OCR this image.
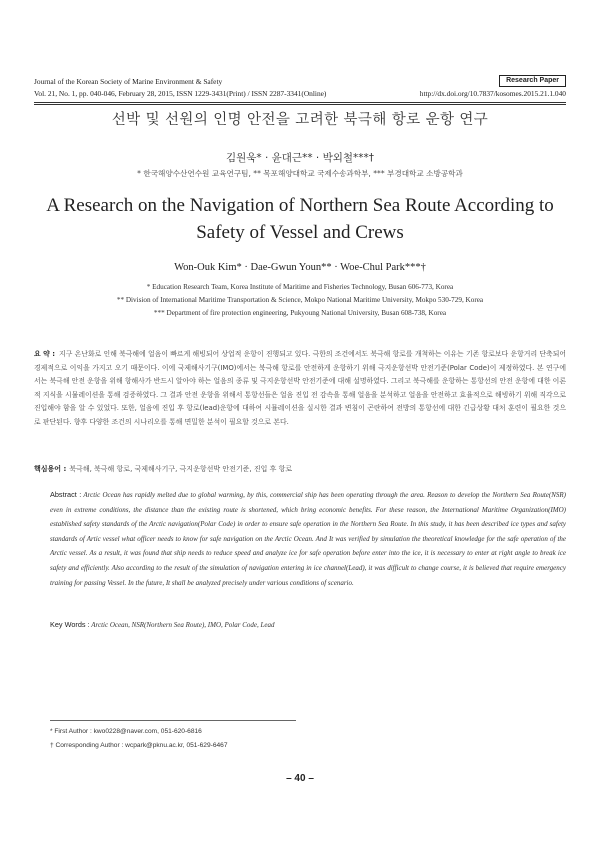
Journal of the Korean Society of Marine Environment & Safety
Vol. 21, No. 1, pp. 040-046, February 28, 2015, ISSN 1229-3431(Print) / ISSN 2287-3341(Online)	http://dx.doi.org/10.7837/kosomes.2015.21.1.040
Research Paper
선박 및 선원의 인명 안전을 고려한 북극해 항로 운항 연구
김원욱* · 윤대근** · 박외철***†
* 한국해양수산연수원 교육연구팀, ** 목포해양대학교 국제수송과학부, *** 부경대학교 소방공학과
A Research on the Navigation of Northern Sea Route According to Safety of Vessel and Crews
Won-Ouk Kim* · Dae-Gwun Youn** · Woe-Chul Park***†
* Education Research Team, Korea Institute of Maritime and Fisheries Technology, Busan 606-773, Korea
** Division of International Maritime Transportation & Science, Mokpo National Maritime University, Mokpo 530-729, Korea
*** Department of fire protection engineering, Pukyoung National University, Busan 608-738, Korea
요 약 : 지구 온난화로 인해 북극해에 얼음이 빠르게 해빙되어 상업적 운항이 진행되고 있다. 극한의 조건에서도 북극해 항로를 개척하는 이유는 기존 항로보다 운항거리 단축되어 경제적으로 이익을 가지고 오기 때문이다. 이에 국제해사기구(IMO)에서는 북극해 항로를 안전하게 운항하기 위해 극지운항선박 안전기준(Polar Code)이 제정하였다. 본 연구에서는 북극해 안전 운항을 위해 항해사가 반드시 알아야 하는 얼음의 종류 및 극지운항선박 안전기준에 대해 설명하였다. 그리고 북극해를 운항하는 통항선의 안전 운항에 대한 이론적 지식을 시뮬레이션을 통해 검증하였다. 그 결과 안전 운항을 위해서 통항선들은 얼음 진입 전 감속을 통해 얼음을 분석하고 얼음을 안전하고 효율적으로 해빙하기 위해 직각으로 진입해야 함을 알 수 있었다. 또한, 얼음에 진입 후 항로(lead)운항에 대하여 시뮬레이션을 실시한 결과 변침이 곤란하여 전방의 통항선에 대한 긴급상황 대처 훈련이 필요한 것으로 판단된다. 향후 다양한 조건의 시나리오를 통해 면밀한 분석이 필요할 것으로 본다.
핵심용어 : 북극해, 북극해 항로, 국제해사기구, 극지운항선박 안전기준, 진입 후 항로
Abstract : Arctic Ocean has rapidly melted due to global warming, by this, commercial ship has been operating through the area. Reason to develop the Northern Sea Route(NSR) even in extreme conditions, the distance than the existing route is shortened, which bring economic benefits. For these reason, the International Maritime Organization(IMO) established safety standards of the Arctic navigation(Polar Code) in order to ensure safe operation in the Northern Sea Route. In this study, it has been described ice types and safety standards of Artic vessel what officer needs to know for safe navigation on the Arctic Ocean. And It was verified by simulation the theoretical knowledge for the safe operation of the Arctic vessel. As a result, it was found that ship needs to reduce speed and analyze ice for safe operation before enter into the ice, it is necessary to enter at right angle to break ice safety and efficiently. Also according to the result of the simulation of navigation entering in ice channel(Lead), it was difficult to change course, it is believed that require emergency training for passing Vessel. In the future, It shall be analyzed precisely under various conditions of scenario.
Key Words : Arctic Ocean, NSR(Northern Sea Route), IMO, Polar Code, Lead
* First Author : kwo0228@naver.com, 051-620-6816
† Corresponding Author : wcpark@pknu.ac.kr, 051-629-6467
– 40 –
